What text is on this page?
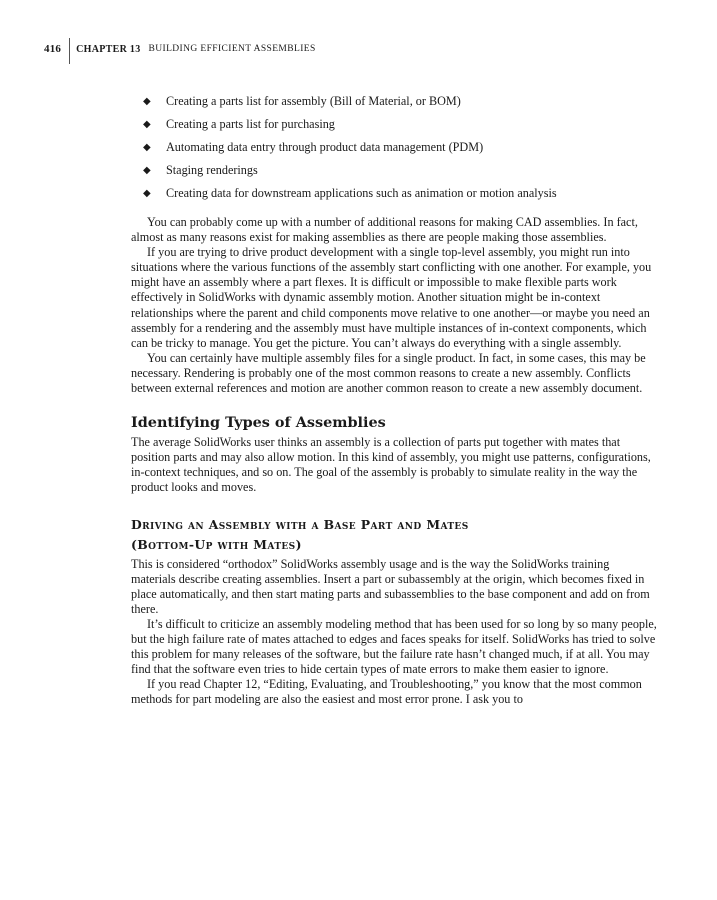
416	CHAPTER 13 BUILDING EFFICIENT ASSEMBLIES
◆ Creating a parts list for assembly (Bill of Material, or BOM)
◆ Creating a parts list for purchasing
◆ Automating data entry through product data management (PDM)
◆ Staging renderings
◆ Creating data for downstream applications such as animation or motion analysis

You can probably come up with a number of additional reasons for making CAD assemblies. In fact, almost as many reasons exist for making assemblies as there are people making those assemblies.

If you are trying to drive product development with a single top-level assembly, you might run into situations where the various functions of the assembly start conflicting with one another. For example, you might have an assembly where a part flexes. It is difficult or impossible to make flexible parts work effectively in SolidWorks with dynamic assembly motion. Another situation might be in-context relationships where the parent and child components move relative to one another—or maybe you need an assembly for a rendering and the assembly must have multiple instances of in-context components, which can be tricky to manage. You get the picture. You can’t always do everything with a single assembly.

You can certainly have multiple assembly files for a single product. In fact, in some cases, this may be necessary. Rendering is probably one of the most common reasons to create a new assembly. Conflicts between external references and motion are another common reason to create a new assembly document.

Identifying Types of Assemblies

The average SolidWorks user thinks an assembly is a collection of parts put together with mates that position parts and may also allow motion. In this kind of assembly, you might use patterns, configurations, in-context techniques, and so on. The goal of the assembly is probably to simulate reality in the way the product looks and moves.

Driving an Assembly with a Base Part and Mates
(Bottom-Up with Mates)

This is considered “orthodox” SolidWorks assembly usage and is the way the SolidWorks training materials describe creating assemblies. Insert a part or subassembly at the origin, which becomes fixed in place automatically, and then start mating parts and subassemblies to the base component and add on from there.

It’s difficult to criticize an assembly modeling method that has been used for so long by so many people, but the high failure rate of mates attached to edges and faces speaks for itself. SolidWorks has tried to solve this problem for many releases of the software, but the failure rate hasn’t changed much, if at all. You may find that the software even tries to hide certain types of mate errors to make them easier to ignore.

If you read Chapter 12, “Editing, Evaluating, and Troubleshooting,” you know that the most common methods for part modeling are also the easiest and most error prone. I ask you to
